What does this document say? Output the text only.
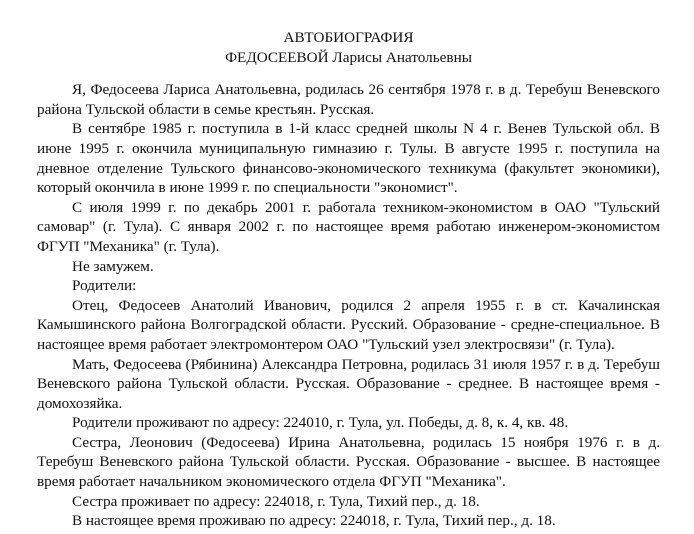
АВТОБИОГРАФИЯ

ФЕДОСЕЕВОЙ Ларисы Анатольевны

Я, Федосеева Лариса Анатольевна, родилась 26 сентября 1978 г. в д. Теребуш Веневского района Тульской области в семье крестьян. Русская.

В сентябре 1985 г. поступила в 1-й класс средней школы N 4 г. Венев Тульской обл. В июне 1995 г. окончила муниципальную гимназию г. Тулы. В августе 1995 г. поступила на дневное отделение Тульского финансово-экономического техникума (факультет экономики), который окончила в июне 1999 г. по специальности "экономист".

С июля 1999 г. по декабрь 2001 г. работала техником-экономистом в ОАО "Тульский самовар" (г. Тула). С января 2002 г. по настоящее время работаю инженером-экономистом ФГУП "Механика" (г. Тула).

Не замужем.

Родители:

Отец, Федосеев Анатолий Иванович, родился 2 апреля 1955 г. в ст. Качалинская Камышинского района Волгоградской области. Русский. Образование - средне-специальное. В настоящее время работает электромонтером ОАО "Тульский узел электросвязи" (г. Тула).

Мать, Федосеева (Рябинина) Александра Петровна, родилась 31 июля 1957 г. в д. Теребуш Веневского района Тульской области. Русская. Образование - среднее. В настоящее время - домохозяйка.

Родители проживают по адресу: 224010, г. Тула, ул. Победы, д. 8, к. 4, кв. 48.

Сестра, Леонович (Федосеева) Ирина Анатольевна, родилась 15 ноября 1976 г. в д. Теребуш Веневского района Тульской области. Русская. Образование - высшее. В настоящее время работает начальником экономического отдела ФГУП "Механика".

Сестра проживает по адресу: 224018, г. Тула, Тихий пер., д. 18.

В настоящее время проживаю по адресу: 224018, г. Тула, Тихий пер., д. 18.
